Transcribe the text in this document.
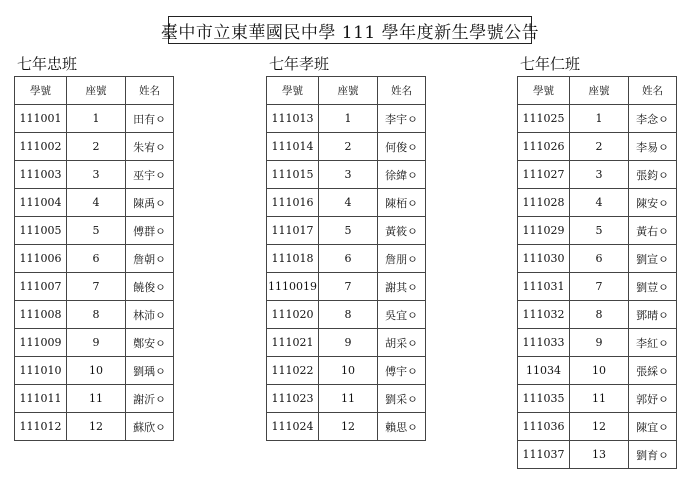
臺中市立東華國民中學 111 學年度新生學號公告
七年忠班	七年孝班	七年仁班
學號	座號	姓名
111001	1	田有ㅇ
111002	2	朱宥ㅇ
111003	3	巫宇ㅇ
111004	4	陳禹ㅇ
111005	5	傅群ㅇ
111006	6	詹朝ㅇ
111007	7	饒俊ㅇ
111008	8	林沛ㅇ
111009	9	鄭安ㅇ
111010	10	劉瑀ㅇ
111011	11	謝沂ㅇ
111012	12	蘇欣ㅇ
學號	座號	姓名
111013	1	李宇ㅇ
111014	2	何俊ㅇ
111015	3	徐緯ㅇ
111016	4	陳栢ㅇ
111017	5	黃筱ㅇ
111018	6	詹朋ㅇ
1110019	7	謝其ㅇ
111020	8	吳宜ㅇ
111021	9	胡采ㅇ
111022	10	傅宇ㅇ
111023	11	劉采ㅇ
111024	12	賴思ㅇ
學號	座號	姓名
111025	1	李念ㅇ
111026	2	李易ㅇ
111027	3	張鈞ㅇ
111028	4	陳安ㅇ
111029	5	黃右ㅇ
111030	6	劉宣ㅇ
111031	7	劉荳ㅇ
111032	8	鄧晴ㅇ
111033	9	李紅ㅇ
11034	10	張綵ㅇ
111035	11	郭妤ㅇ
111036	12	陳宜ㅇ
111037	13	劉育ㅇ
